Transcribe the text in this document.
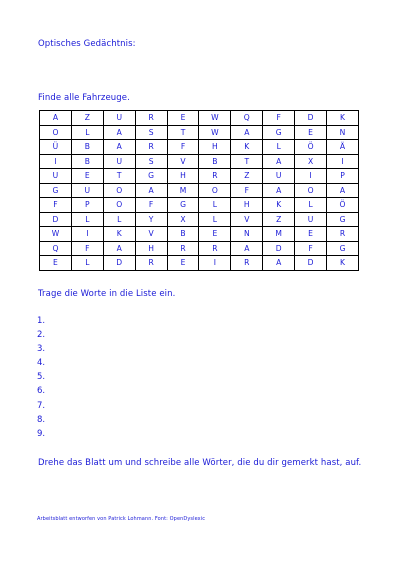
Optisches Gedächtnis:
Finde alle Fahrzeuge.
A	Z	U	R	E	W	Q	F	D	K
O	L	A	S	T	W	A	G	E	N
Ü	B	A	R	F	H	K	L	Ö	Ä
I	B	U	S	V	B	T	A	X	I
U	E	T	G	H	R	Z	U	I	P
G	U	O	A	M	O	F	A	O	A
F	P	O	F	G	L	H	K	L	Ö
D	L	L	Y	X	L	V	Z	U	G
W	I	K	V	B	E	N	M	E	R
Q	F	A	H	R	R	A	D	F	G
E	L	D	R	E	I	R	A	D	K
Trage die Worte in die Liste ein.
1.
2.
3.
4.
5.
6.
7.
8.
9.
Drehe das Blatt um und schreibe alle Wörter, die du dir gemerkt hast, auf.
Arbeitsblatt entworfen von Patrick Lohmann. Font: OpenDyslexic
